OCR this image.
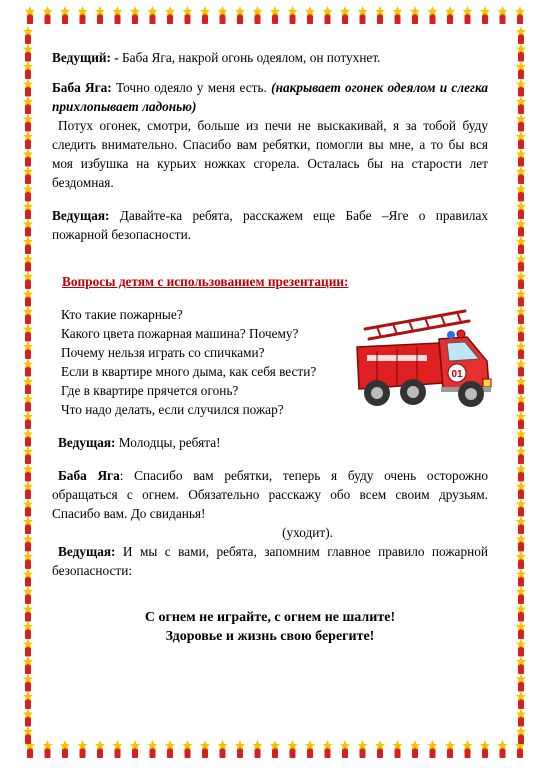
Ведущий: - Баба Яга, накрой огонь одеялом, он потухнет.

Баба Яга: Точно одеяло у меня есть. (накрывает огонек одеялом и слегка прихлопывает ладонью)

Потух огонек, смотри, больше из печи не выскакивай, я за тобой буду следить внимательно. Спасибо вам ребятки, помогли вы мне, а то бы вся моя избушка на курьих ножках сгорела. Осталась бы на старости лет бездомная.

Ведущая: Давайте-ка ребята, расскажем еще Бабе –Яге о правилах пожарной безопасности.

Вопросы детям с использованием презентации:

Кто такие пожарные?
Какого цвета пожарная машина? Почему?
Почему нельзя играть со спичками?
Если в квартире много дыма, как себя вести?
Где в квартире прячется огонь?
Что надо делать, если случился пожар?
01

Ведущая: Молодцы, ребята!

Баба Яга: Спасибо вам ребятки, теперь я буду очень осторожно обращаться с огнем. Обязательно расскажу обо всем своим друзьям. Спасибо вам. До свиданья!

(уходит).

Ведущая: И мы с вами, ребята, запомним главное правило пожарной безопасности:

С огнем не играйте, с огнем не шалите!

Здоровье и жизнь свою берегите!
